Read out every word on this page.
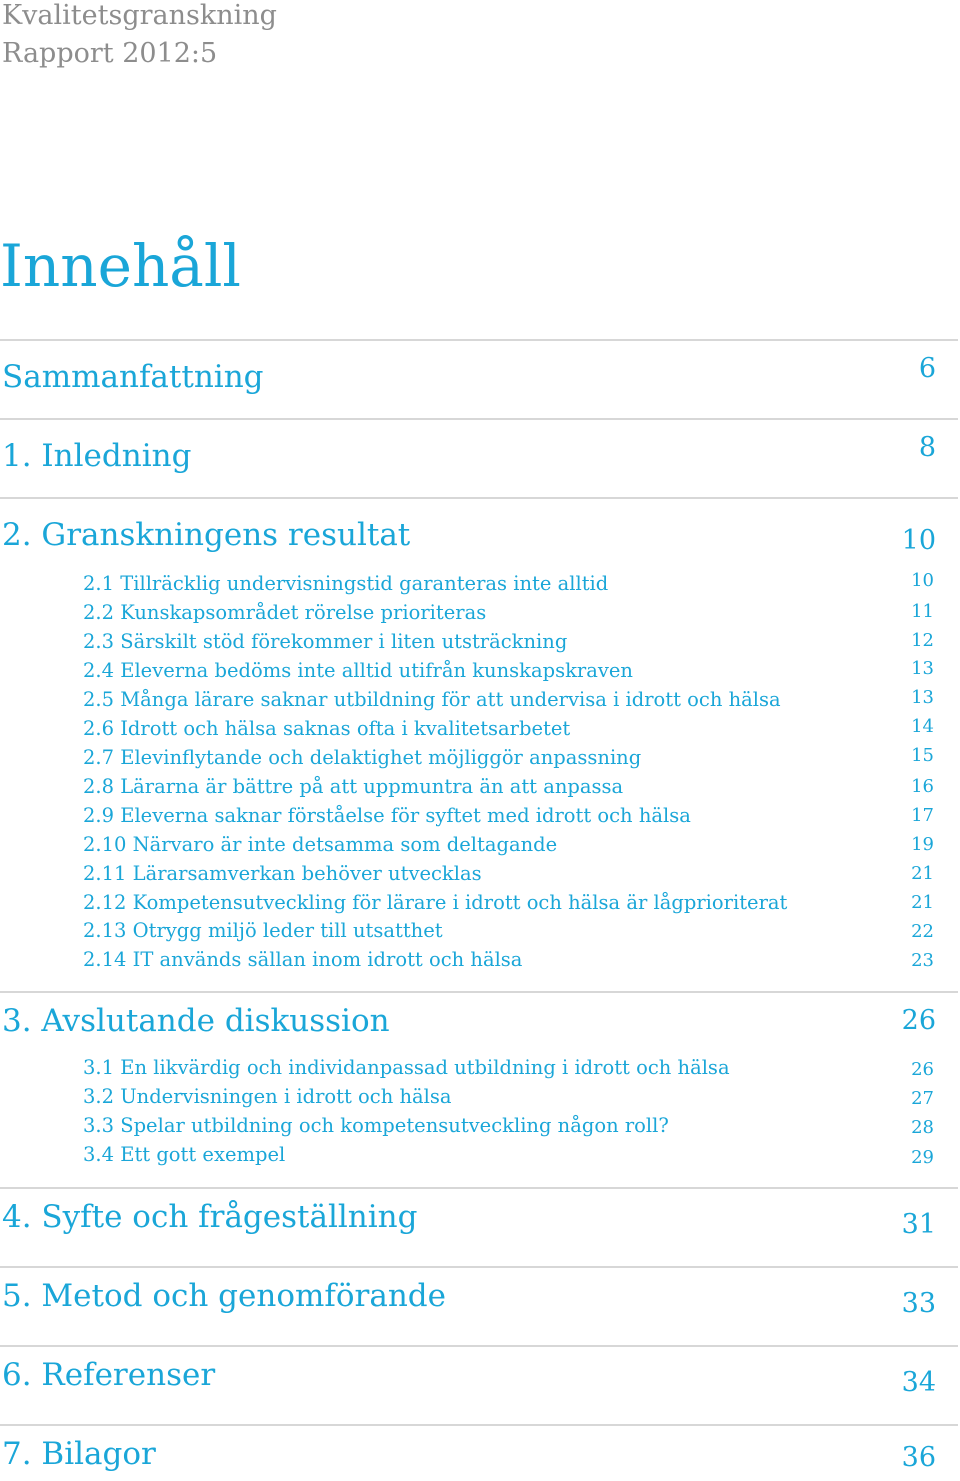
Kvalitetsgranskning
Rapport 2012:5
Innehåll
Sammanfattning	6
1. Inledning	8
2. Granskningens resultat	10
2.1 Tillräcklig undervisningstid garanteras inte alltid	10
2.2 Kunskapsområdet rörelse prioriteras	11
2.3 Särskilt stöd förekommer i liten utsträckning	12
2.4 Eleverna bedöms inte alltid utifrån kunskapskraven	13
2.5 Många lärare saknar utbildning för att undervisa i idrott och hälsa	13
2.6 Idrott och hälsa saknas ofta i kvalitetsarbetet	14
2.7 Elevinflytande och delaktighet möjliggör anpassning	15
2.8 Lärarna är bättre på att uppmuntra än att anpassa	16
2.9 Eleverna saknar förståelse för syftet med idrott och hälsa	17
2.10 Närvaro är inte detsamma som deltagande	19
2.11 Lärarsamverkan behöver utvecklas	21
2.12 Kompetensutveckling för lärare i idrott och hälsa är lågprioriterat	21
2.13 Otrygg miljö leder till utsatthet	22
2.14 IT används sällan inom idrott och hälsa	23
3. Avslutande diskussion	26
3.1 En likvärdig och individanpassad utbildning i idrott och hälsa	26
3.2 Undervisningen i idrott och hälsa	27
3.3 Spelar utbildning och kompetensutveckling någon roll?	28
3.4 Ett gott exempel	29
4. Syfte och frågeställning	31
5. Metod och genomförande	33
6. Referenser	34
7. Bilagor	36
